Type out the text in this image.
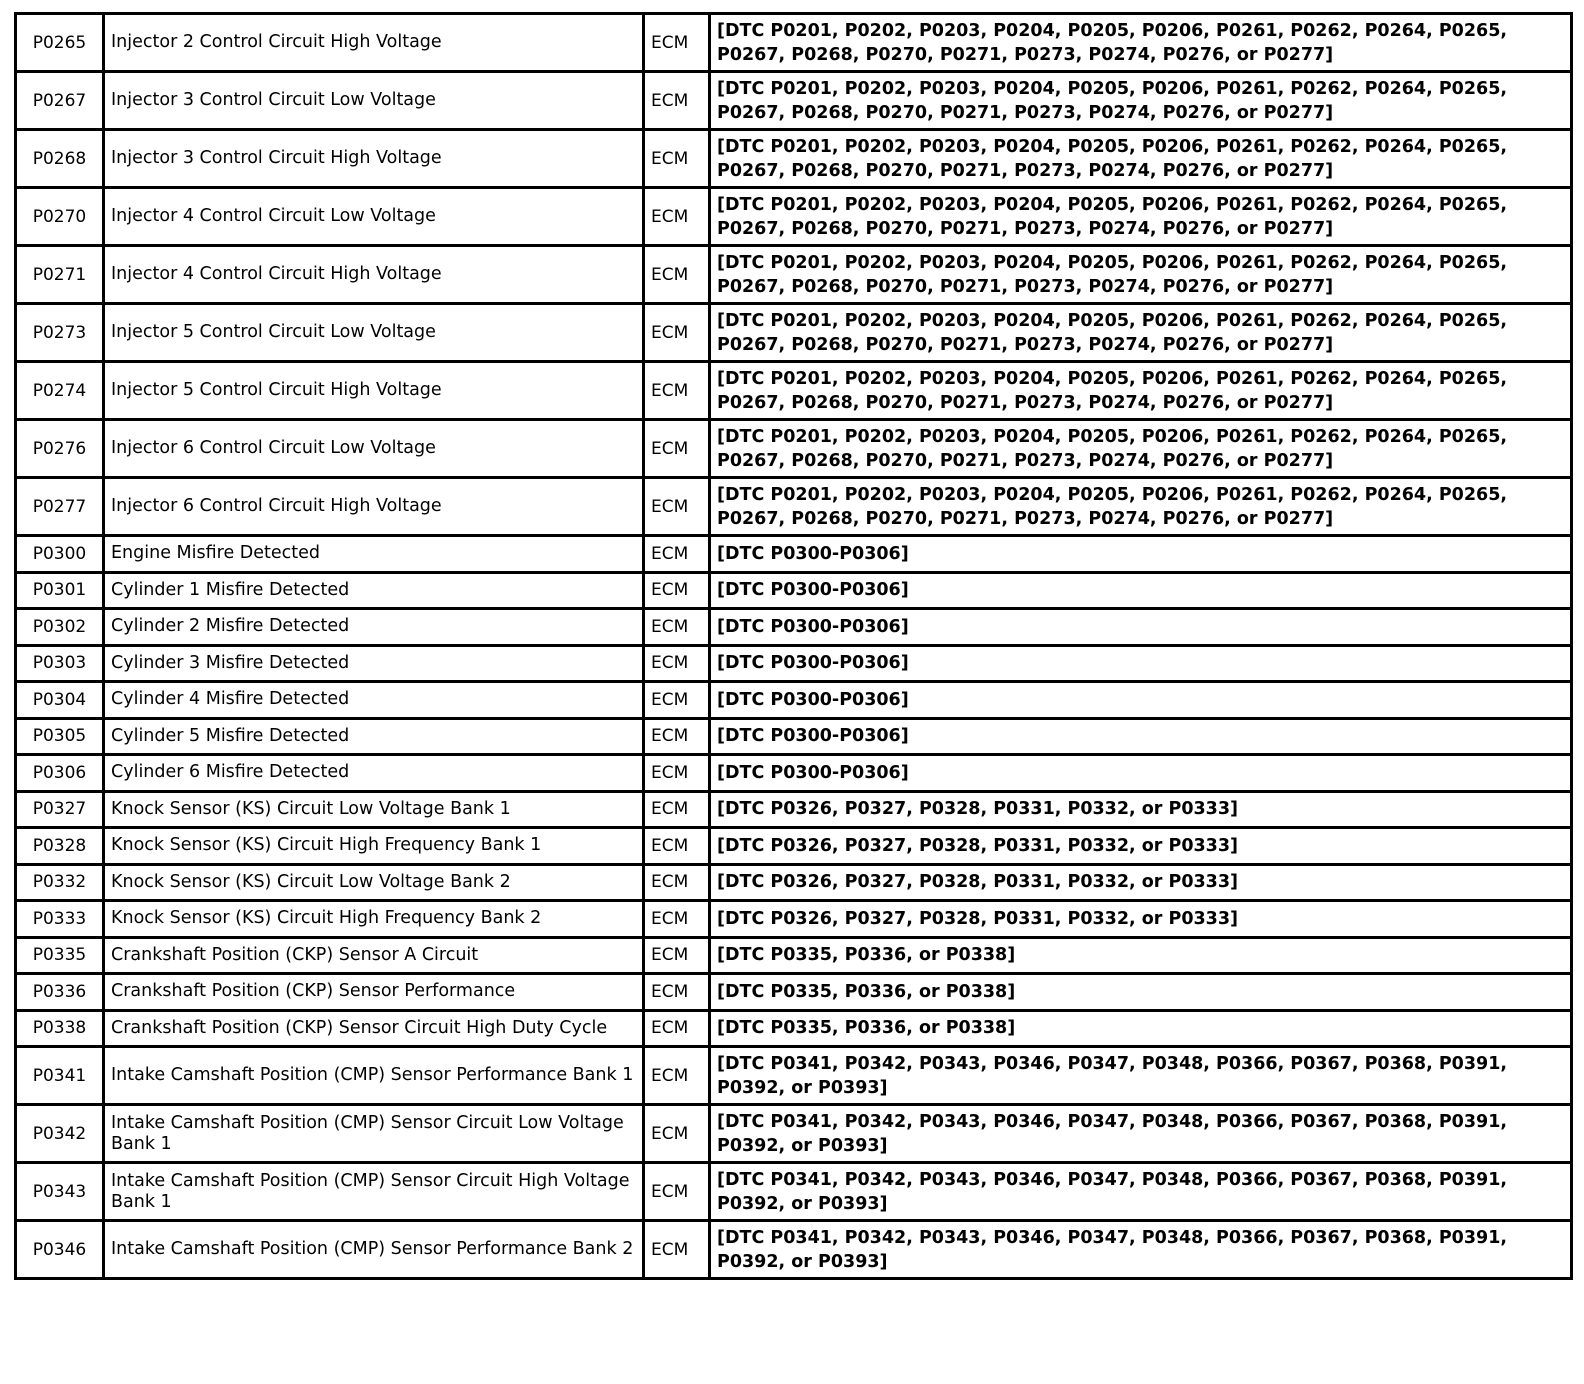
P0265	Injector 2 Control Circuit High Voltage	ECM	[DTC P0201, P0202, P0203, P0204, P0205, P0206, P0261, P0262, P0264, P0265, P0267, P0268, P0270, P0271, P0273, P0274, P0276, or P0277]
P0267	Injector 3 Control Circuit Low Voltage	ECM	[DTC P0201, P0202, P0203, P0204, P0205, P0206, P0261, P0262, P0264, P0265, P0267, P0268, P0270, P0271, P0273, P0274, P0276, or P0277]
P0268	Injector 3 Control Circuit High Voltage	ECM	[DTC P0201, P0202, P0203, P0204, P0205, P0206, P0261, P0262, P0264, P0265, P0267, P0268, P0270, P0271, P0273, P0274, P0276, or P0277]
P0270	Injector 4 Control Circuit Low Voltage	ECM	[DTC P0201, P0202, P0203, P0204, P0205, P0206, P0261, P0262, P0264, P0265, P0267, P0268, P0270, P0271, P0273, P0274, P0276, or P0277]
P0271	Injector 4 Control Circuit High Voltage	ECM	[DTC P0201, P0202, P0203, P0204, P0205, P0206, P0261, P0262, P0264, P0265, P0267, P0268, P0270, P0271, P0273, P0274, P0276, or P0277]
P0273	Injector 5 Control Circuit Low Voltage	ECM	[DTC P0201, P0202, P0203, P0204, P0205, P0206, P0261, P0262, P0264, P0265, P0267, P0268, P0270, P0271, P0273, P0274, P0276, or P0277]
P0274	Injector 5 Control Circuit High Voltage	ECM	[DTC P0201, P0202, P0203, P0204, P0205, P0206, P0261, P0262, P0264, P0265, P0267, P0268, P0270, P0271, P0273, P0274, P0276, or P0277]
P0276	Injector 6 Control Circuit Low Voltage	ECM	[DTC P0201, P0202, P0203, P0204, P0205, P0206, P0261, P0262, P0264, P0265, P0267, P0268, P0270, P0271, P0273, P0274, P0276, or P0277]
P0277	Injector 6 Control Circuit High Voltage	ECM	[DTC P0201, P0202, P0203, P0204, P0205, P0206, P0261, P0262, P0264, P0265, P0267, P0268, P0270, P0271, P0273, P0274, P0276, or P0277]
P0300	Engine Misfire Detected	ECM	[DTC P0300-P0306]
P0301	Cylinder 1 Misfire Detected	ECM	[DTC P0300-P0306]
P0302	Cylinder 2 Misfire Detected	ECM	[DTC P0300-P0306]
P0303	Cylinder 3 Misfire Detected	ECM	[DTC P0300-P0306]
P0304	Cylinder 4 Misfire Detected	ECM	[DTC P0300-P0306]
P0305	Cylinder 5 Misfire Detected	ECM	[DTC P0300-P0306]
P0306	Cylinder 6 Misfire Detected	ECM	[DTC P0300-P0306]
P0327	Knock Sensor (KS) Circuit Low Voltage Bank 1	ECM	[DTC P0326, P0327, P0328, P0331, P0332, or P0333]
P0328	Knock Sensor (KS) Circuit High Frequency Bank 1	ECM	[DTC P0326, P0327, P0328, P0331, P0332, or P0333]
P0332	Knock Sensor (KS) Circuit Low Voltage Bank 2	ECM	[DTC P0326, P0327, P0328, P0331, P0332, or P0333]
P0333	Knock Sensor (KS) Circuit High Frequency Bank 2	ECM	[DTC P0326, P0327, P0328, P0331, P0332, or P0333]
P0335	Crankshaft Position (CKP) Sensor A Circuit	ECM	[DTC P0335, P0336, or P0338]
P0336	Crankshaft Position (CKP) Sensor Performance	ECM	[DTC P0335, P0336, or P0338]
P0338	Crankshaft Position (CKP) Sensor Circuit High Duty Cycle	ECM	[DTC P0335, P0336, or P0338]
P0341	Intake Camshaft Position (CMP) Sensor Performance Bank 1	ECM	[DTC P0341, P0342, P0343, P0346, P0347, P0348, P0366, P0367, P0368, P0391, P0392, or P0393]
P0342	Intake Camshaft Position (CMP) Sensor Circuit Low Voltage Bank 1	ECM	[DTC P0341, P0342, P0343, P0346, P0347, P0348, P0366, P0367, P0368, P0391, P0392, or P0393]
P0343	Intake Camshaft Position (CMP) Sensor Circuit High Voltage Bank 1	ECM	[DTC P0341, P0342, P0343, P0346, P0347, P0348, P0366, P0367, P0368, P0391, P0392, or P0393]
P0346	Intake Camshaft Position (CMP) Sensor Performance Bank 2	ECM	[DTC P0341, P0342, P0343, P0346, P0347, P0348, P0366, P0367, P0368, P0391, P0392, or P0393]
